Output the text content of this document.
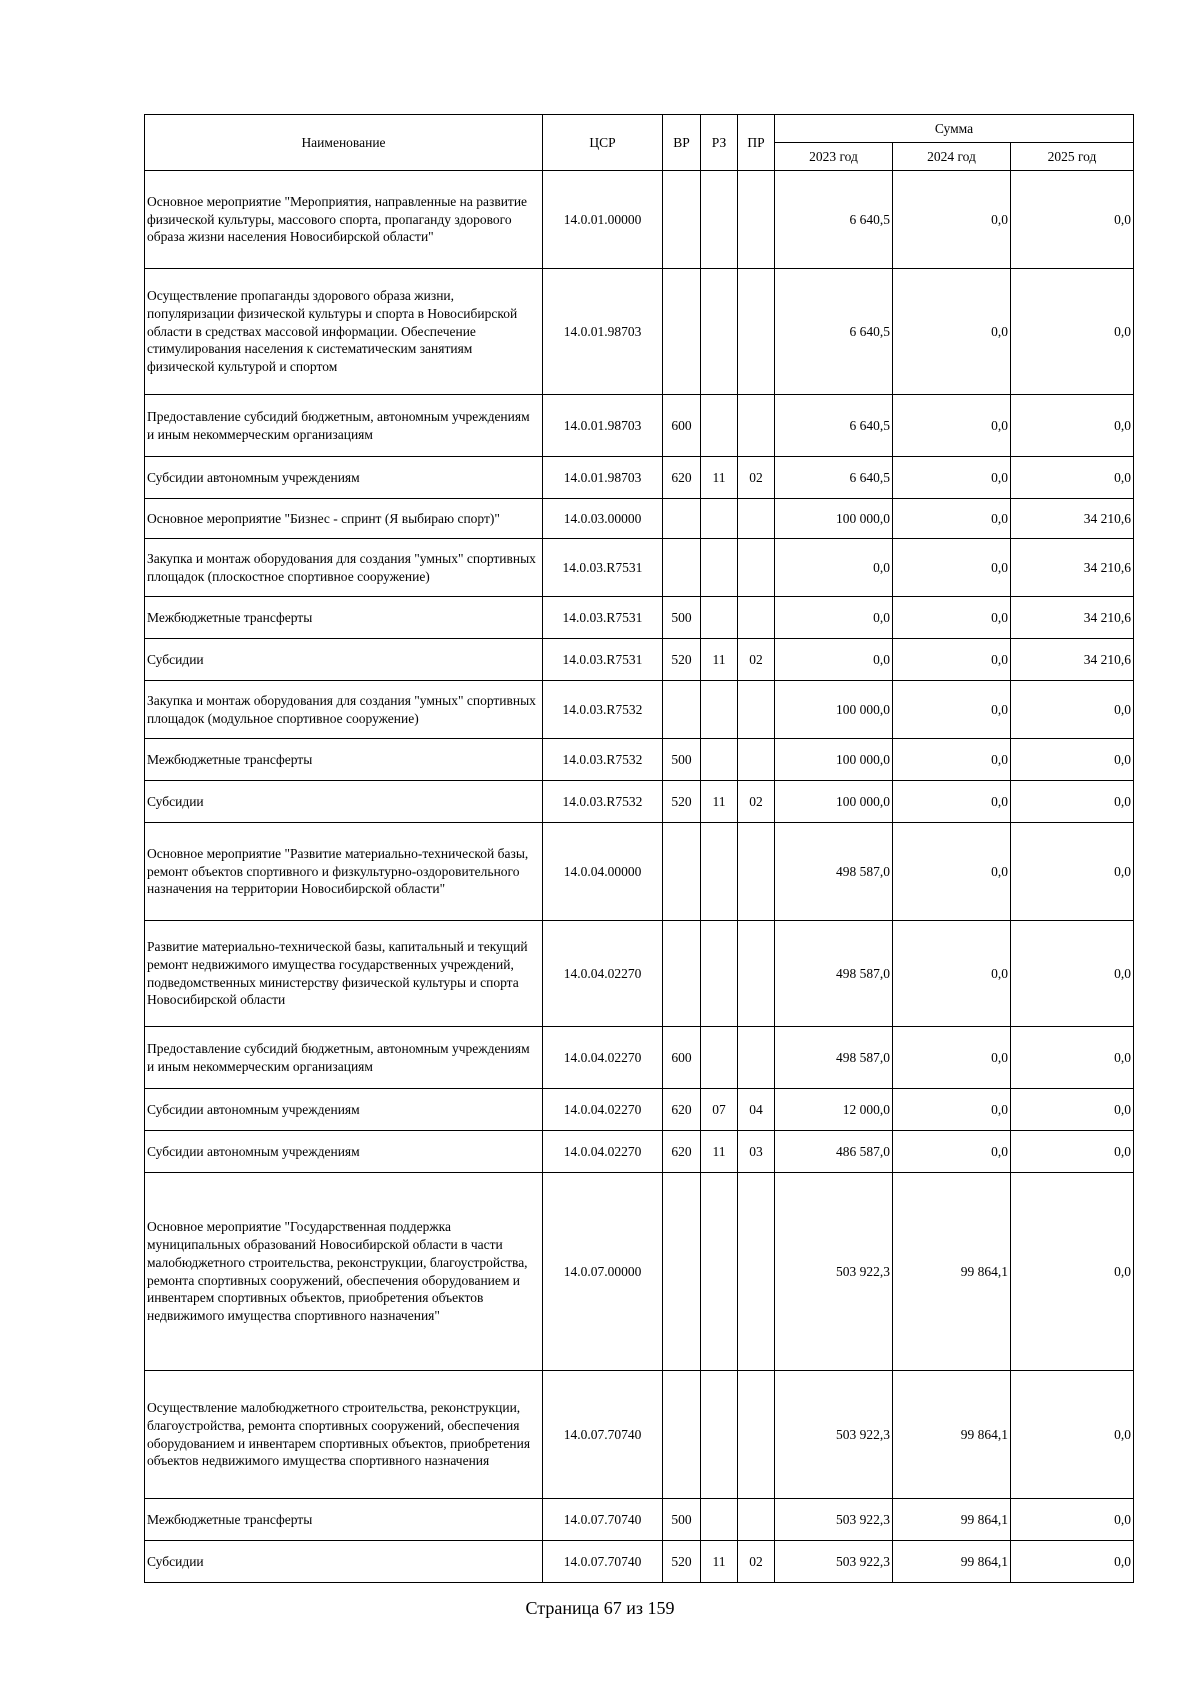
Наименование	ЦСР	ВР	РЗ	ПР	Сумма		
					2023 год	2024 год	2025 год
Основное мероприятие "Мероприятия, направленные на развитие физической культуры, массового спорта, пропаганду здорового образа жизни населения Новосибирской области"	14.0.01.00000				6 640,5	0,0	0,0
Осуществление пропаганды здорового образа жизни, популяризации физической культуры и спорта в Новосибирской области в средствах массовой информации. Обеспечение стимулирования населения к систематическим занятиям физической культурой и спортом	14.0.01.98703				6 640,5	0,0	0,0
Предоставление субсидий бюджетным, автономным учреждениям и иным некоммерческим организациям	14.0.01.98703	600			6 640,5	0,0	0,0
Субсидии автономным учреждениям	14.0.01.98703	620	11	02	6 640,5	0,0	0,0
Основное мероприятие "Бизнес - спринт (Я выбираю спорт)"	14.0.03.00000				100 000,0	0,0	34 210,6
Закупка и монтаж оборудования для создания "умных" спортивных площадок (плоскостное спортивное сооружение)	14.0.03.R7531				0,0	0,0	34 210,6
Межбюджетные трансферты	14.0.03.R7531	500			0,0	0,0	34 210,6
Субсидии	14.0.03.R7531	520	11	02	0,0	0,0	34 210,6
Закупка и монтаж оборудования для создания "умных" спортивных площадок (модульное спортивное сооружение)	14.0.03.R7532				100 000,0	0,0	0,0
Межбюджетные трансферты	14.0.03.R7532	500			100 000,0	0,0	0,0
Субсидии	14.0.03.R7532	520	11	02	100 000,0	0,0	0,0
Основное мероприятие "Развитие материально-технической базы, ремонт объектов спортивного и физкультурно-оздоровительного назначения на территории Новосибирской области"	14.0.04.00000				498 587,0	0,0	0,0
Развитие материально-технической базы, капитальный и текущий ремонт недвижимого имущества государственных учреждений, подведомственных министерству физической культуры и спорта Новосибирской области	14.0.04.02270				498 587,0	0,0	0,0
Предоставление субсидий бюджетным, автономным учреждениям и иным некоммерческим организациям	14.0.04.02270	600			498 587,0	0,0	0,0
Субсидии автономным учреждениям	14.0.04.02270	620	07	04	12 000,0	0,0	0,0
Субсидии автономным учреждениям	14.0.04.02270	620	11	03	486 587,0	0,0	0,0
Основное мероприятие "Государственная поддержка муниципальных образований Новосибирской области в части малобюджетного строительства, реконструкции, благоустройства, ремонта спортивных сооружений, обеспечения оборудованием и инвентарем спортивных объектов, приобретения объектов недвижимого имущества спортивного назначения"	14.0.07.00000				503 922,3	99 864,1	0,0
Осуществление малобюджетного строительства, реконструкции, благоустройства, ремонта спортивных сооружений, обеспечения оборудованием и инвентарем спортивных объектов, приобретения объектов недвижимого имущества спортивного назначения	14.0.07.70740				503 922,3	99 864,1	0,0
Межбюджетные трансферты	14.0.07.70740	500			503 922,3	99 864,1	0,0
Субсидии	14.0.07.70740	520	11	02	503 922,3	99 864,1	0,0
Страница 67 из 159
